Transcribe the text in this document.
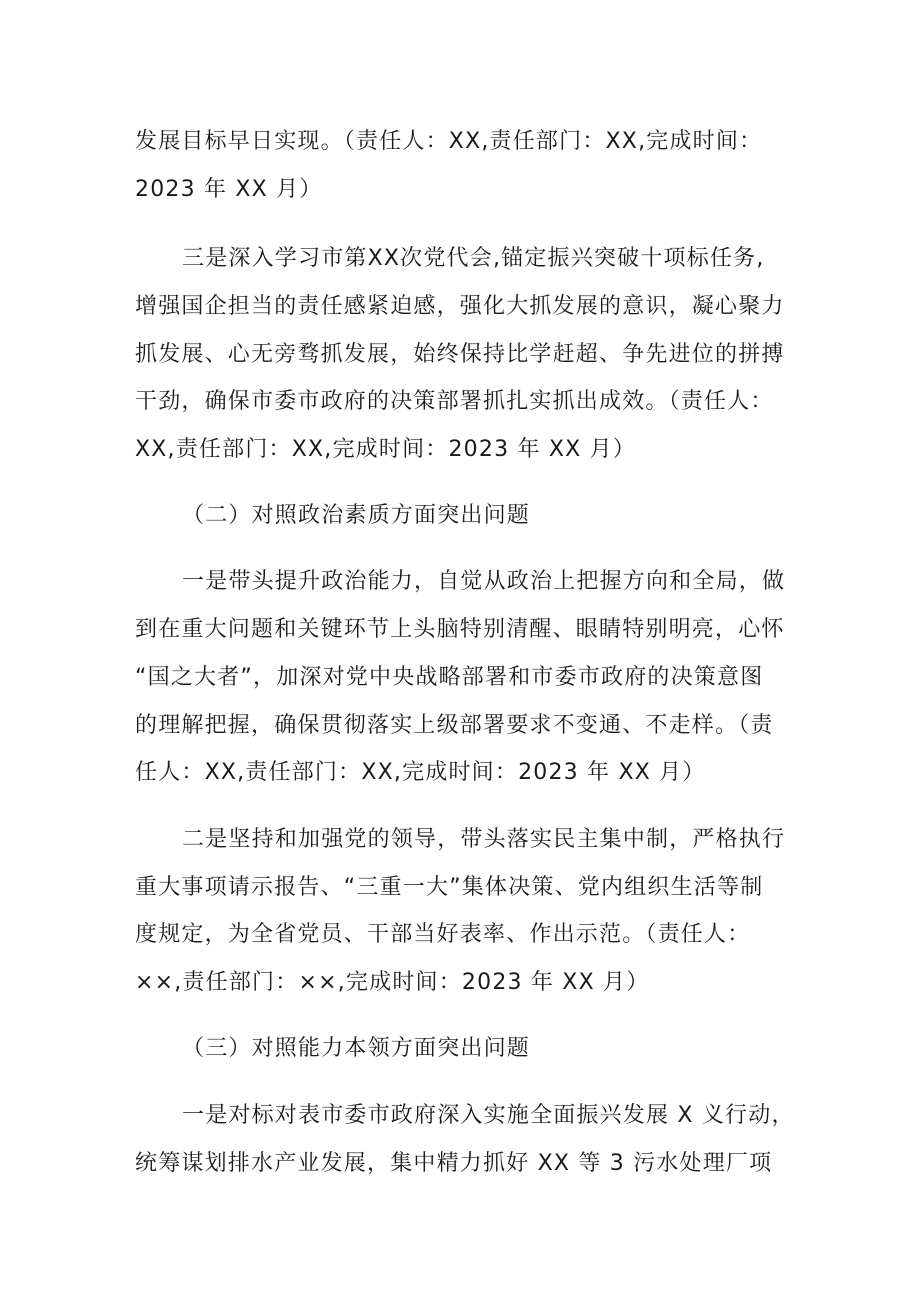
发展目标早日实现。（责任人：XX,责任部门：XX,完成时间：
2023 年 XX 月）
三是深入学习市第XX次党代会,锚定振兴突破十项标任务,
增强国企担当的责任感紧迫感，强化大抓发展的意识，凝心聚力
抓发展、心无旁骛抓发展，始终保持比学赶超、争先进位的拼搏
干劲，确保市委市政府的决策部署抓扎实抓出成效。（责任人：
XX,责任部门：XX,完成时间：2023 年 XX 月）
（二）对照政治素质方面突出问题
一是带头提升政治能力，自觉从政治上把握方向和全局，做
到在重大问题和关键环节上头脑特别清醒、眼睛特别明亮，心怀
“国之大者”，加深对党中央战略部署和市委市政府的决策意图
的理解把握，确保贯彻落实上级部署要求不变通、不走样。（责
任人：XX,责任部门：XX,完成时间：2023 年 XX 月）
二是坚持和加强党的领导，带头落实民主集中制，严格执行
重大事项请示报告、“三重一大”集体决策、党内组织生活等制
度规定，为全省党员、干部当好表率、作出示范。（责任人：
××,责任部门：××,完成时间：2023 年 XX 月）
（三）对照能力本领方面突出问题
一是对标对表市委市政府深入实施全面振兴发展 X 义行动，
统筹谋划排水产业发展，集中精力抓好 XX 等 3 污水处理厂项
